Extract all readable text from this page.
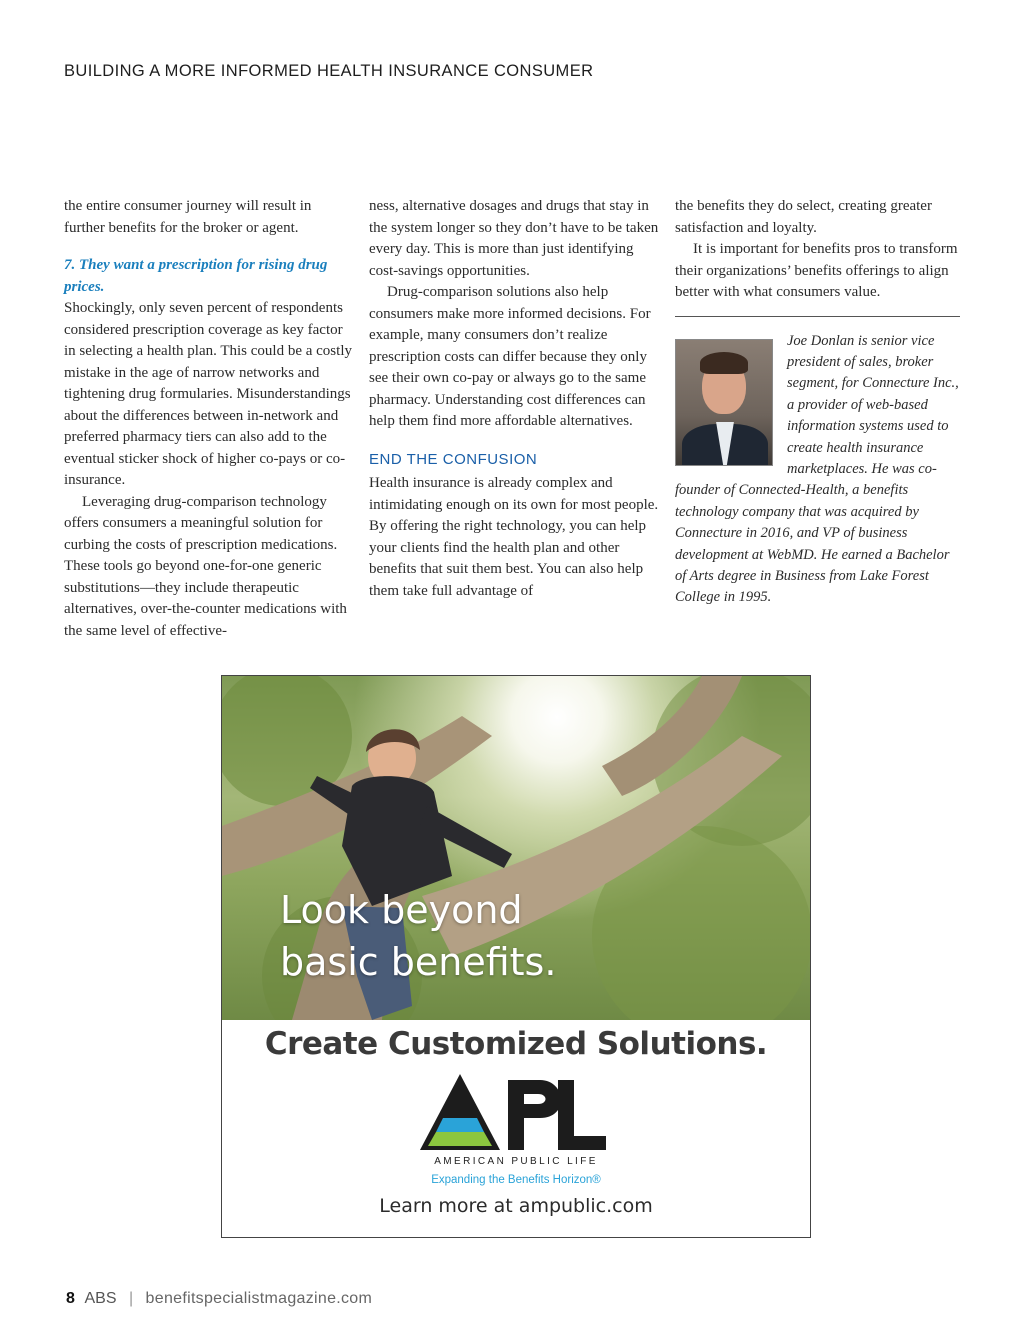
BUILDING A MORE INFORMED HEALTH INSURANCE CONSUMER

the entire consumer journey will result in further benefits for the broker or agent.

7. They want a prescription for rising drug prices.

Shockingly, only seven percent of respondents considered prescription coverage as key factor in selecting a health plan. This could be a costly mistake in the age of narrow networks and tightening drug formularies. Misunderstandings about the differences between in-network and preferred pharmacy tiers can also add to the eventual sticker shock of higher co-pays or co-insurance.

Leveraging drug-comparison technology offers consumers a meaningful solution for curbing the costs of prescription medications. These tools go beyond one-for-one generic substitutions—they include therapeutic alternatives, over-the-counter medications with the same level of effective-

ness, alternative dosages and drugs that stay in the system longer so they don’t have to be taken every day. This is more than just identifying cost-savings opportunities.

Drug-comparison solutions also help consumers make more informed decisions. For example, many consumers don’t realize prescription costs can differ because they only see their own co-pay or always go to the same pharmacy. Understanding cost differences can help them find more affordable alternatives.

END THE CONFUSION

Health insurance is already complex and intimidating enough on its own for most people. By offering the right technology, you can help your clients find the health plan and other benefits that suit them best. You can also help them take full advantage of

the benefits they do select, creating greater satisfaction and loyalty.

It is important for benefits pros to transform their organizations’ benefits offerings to align better with what consumers value.

Joe Donlan is senior vice president of sales, broker segment, for Connecture Inc., a provider of web-based information systems used to create health insurance marketplaces. He was co-founder of Connected-Health, a benefits technology company that was acquired by Connecture in 2016, and VP of business development at WebMD. He earned a Bachelor of Arts degree in Business from Lake Forest College in 1995.

Look beyond
basic benefits.
Create Customized Solutions.
AMERICAN PUBLIC LIFE
Expanding the Benefits Horizon®
Learn more at ampublic.com
8 ABS | benefitspecialistmagazine.com
